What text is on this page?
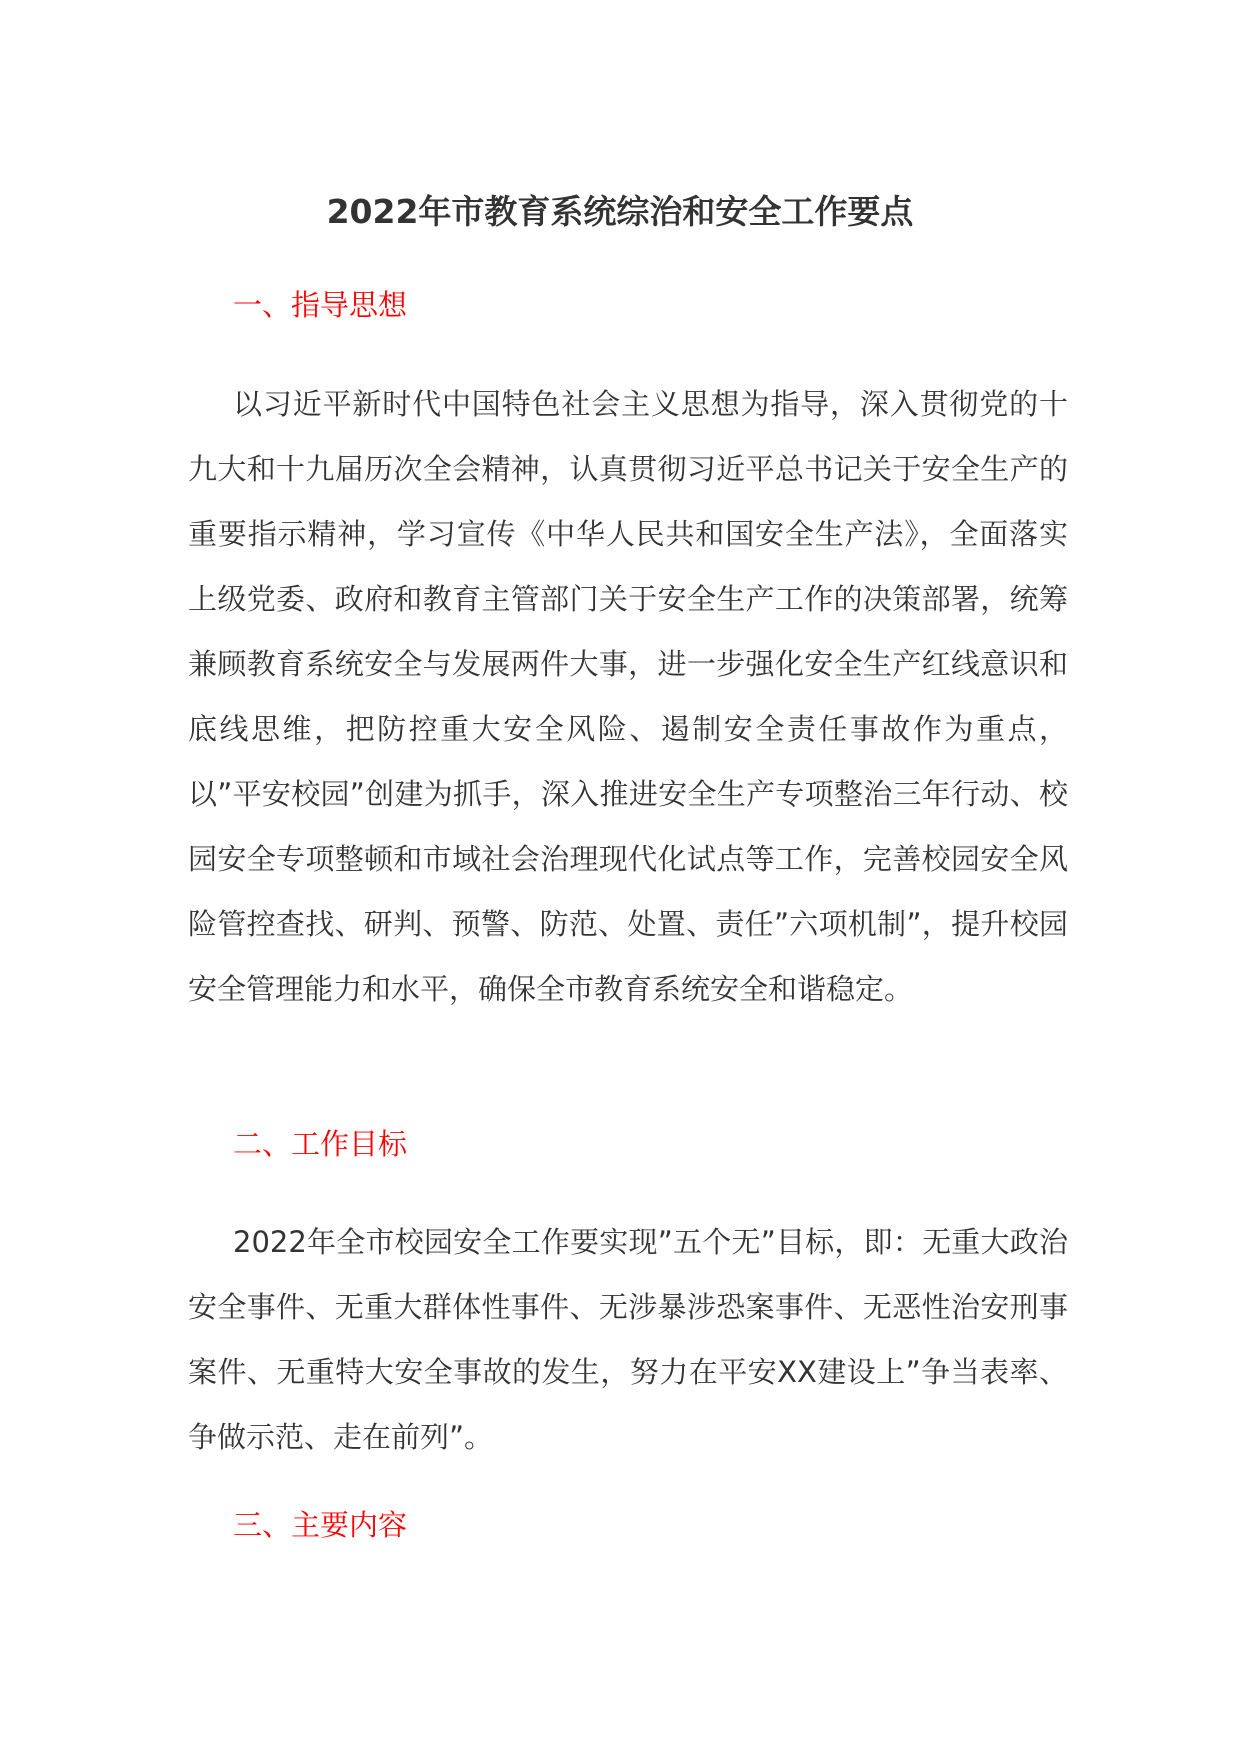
2022年市教育系统综治和安全工作要点
一、指导思想

以习近平新时代中国特色社会主义思想为指导，深入贯彻党的十九大和十九届历次全会精神，认真贯彻习近平总书记关于安全生产的重要指示精神，学习宣传《中华人民共和国安全生产法》，全面落实上级党委、政府和教育主管部门关于安全生产工作的决策部署，统筹兼顾教育系统安全与发展两件大事，进一步强化安全生产红线意识和底线思维，把防控重大安全风险、遏制安全责任事故作为重点，以”平安校园”创建为抓手，深入推进安全生产专项整治三年行动、校园安全专项整顿和市域社会治理现代化试点等工作，完善校园安全风险管控查找、研判、预警、防范、处置、责任”六项机制”，提升校园安全管理能力和水平，确保全市教育系统安全和谐稳定。

二、工作目标

2022年全市校园安全工作要实现”五个无”目标，即：无重大政治安全事件、无重大群体性事件、无涉暴涉恐案事件、无恶性治安刑事案件、无重特大安全事故的发生，努力在平安XX建设上”争当表率、争做示范、走在前列”。

三、主要内容
